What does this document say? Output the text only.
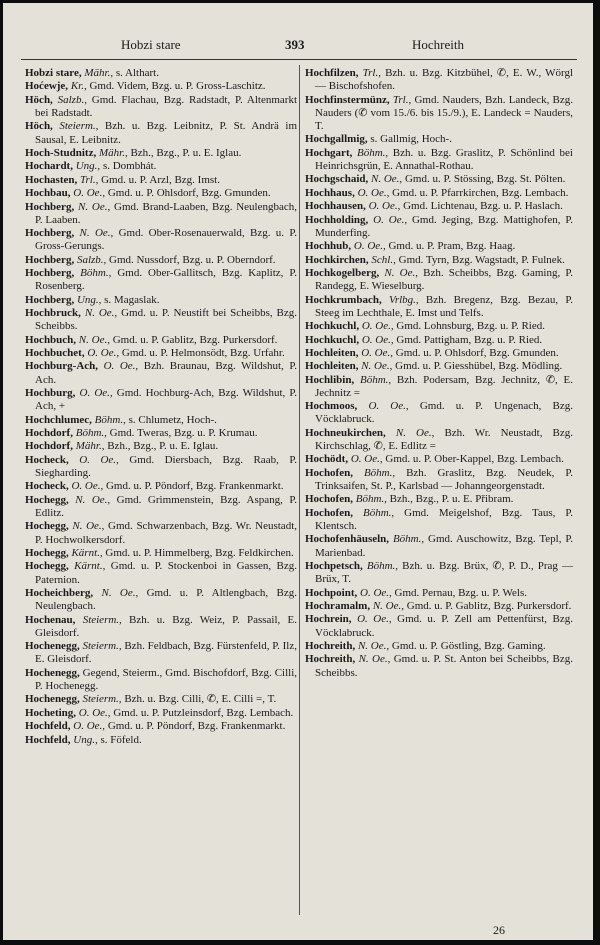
Hobzi stare	393	Hochreith
Hobzi stare, Mähr., s. Althart.
Hoćewje, Kr., Gmd. Videm, Bzg. u. P. Gross-Laschitz.
Höch, Salzb., Gmd. Flachau, Bzg. Radstadt, P. Altenmarkt bei Radstadt.
Höch, Steierm., Bzh. u. Bzg. Leibnitz, P. St. Andrä im Sausal, E. Leibnitz.
Hoch-Studnitz, Mähr., Bzh., Bzg., P. u. E. Iglau.
Hochardt, Ung., s. Dombhát.
Hochasten, Trl., Gmd. u. P. Arzl, Bzg. Imst.
Hochbau, O. Oe., Gmd. u. P. Ohlsdorf, Bzg. Gmunden.
Hochberg, N. Oe., Gmd. Brand-Laaben, Bzg. Neulengbach, P. Laaben.
Hochberg, N. Oe., Gmd. Ober-Rosenauerwald, Bzg. u. P. Gross-Gerungs.
Hochberg, Salzb., Gmd. Nussdorf, Bzg. u. P. Oberndorf.
Hochberg, Böhm., Gmd. Ober-Gallitsch, Bzg. Kaplitz, P. Rosenberg.
Hochberg, Ung., s. Magaslak.
Hochbruck, N. Oe., Gmd. u. P. Neustift bei Scheibbs, Bzg. Scheibbs.
Hochbuch, N. Oe., Gmd. u. P. Gablitz, Bzg. Purkersdorf.
Hochbuchet, O. Oe., Gmd. u. P. Helmonsödt, Bzg. Urfahr.
Hochburg-Ach, O. Oe., Bzh. Braunau, Bzg. Wildshut, P. Ach.
Hochburg, O. Oe., Gmd. Hochburg-Ach, Bzg. Wildshut, P. Ach, +
Hochchlumec, Böhm., s. Chlumetz, Hoch-.
Hochdorf, Böhm., Gmd. Tweras, Bzg. u. P. Krumau.
Hochdorf, Mähr., Bzh., Bzg., P. u. E. Iglau.
Hocheck, O. Oe., Gmd. Diersbach, Bzg. Raab, P. Siegharding.
Hocheck, O. Oe., Gmd. u. P. Pöndorf, Bzg. Frankenmarkt.
Hochegg, N. Oe., Gmd. Grimmenstein, Bzg. Aspang, P. Edlitz.
Hochegg, N. Oe., Gmd. Schwarzenbach, Bzg. Wr. Neustadt, P. Hochwolkersdorf.
Hochegg, Kärnt., Gmd. u. P. Himmelberg, Bzg. Feldkirchen.
Hochegg, Kärnt., Gmd. u. P. Stockenboi in Gassen, Bzg. Paternion.
Hocheichberg, N. Oe., Gmd. u. P. Altlengbach, Bzg. Neulengbach.
Hochenau, Steierm., Bzh. u. Bzg. Weiz, P. Passail, E. Gleisdorf.
Hochenegg, Steierm., Bzh. Feldbach, Bzg. Fürstenfeld, P. Ilz, E. Gleisdorf.
Hochenegg, Gegend, Steierm., Gmd. Bischofdorf, Bzg. Cilli, P. Hochenegg.
Hochenegg, Steierm., Bzh. u. Bzg. Cilli, ✆, E. Cilli =, T.
Hocheting, O. Oe., Gmd. u. P. Putzleinsdorf, Bzg. Lembach.
Hochfeld, O. Oe., Gmd. u. P. Pöndorf, Bzg. Frankenmarkt.
Hochfeld, Ung., s. Föfeld.
Hochfilzen, Trl., Bzh. u. Bzg. Kitzbühel, ✆, E. W., Wörgl — Bischofshofen.
Hochfinstermünz, Trl., Gmd. Nauders, Bzh. Landeck, Bzg. Nauders (✆ vom 15./6. bis 15./9.), E. Landeck = Nauders, T.
Hochgallmig, s. Gallmig, Hoch-.
Hochgart, Böhm., Bzh. u. Bzg. Graslitz, P. Schönlind bei Heinrichsgrün, E. Annathal-Rothau.
Hochgschaid, N. Oe., Gmd. u. P. Stössing, Bzg. St. Pölten.
Hochhaus, O. Oe., Gmd. u. P. Pfarrkirchen, Bzg. Lembach.
Hochhausen, O. Oe., Gmd. Lichtenau, Bzg. u. P. Haslach.
Hochholding, O. Oe., Gmd. Jeging, Bzg. Mattighofen, P. Munderfing.
Hochhub, O. Oe., Gmd. u. P. Pram, Bzg. Haag.
Hochkirchen, Schl., Gmd. Tyrn, Bzg. Wagstadt, P. Fulnek.
Hochkogelberg, N. Oe., Bzh. Scheibbs, Bzg. Gaming, P. Randegg, E. Wieselburg.
Hochkrumbach, Vrlbg., Bzh. Bregenz, Bzg. Bezau, P. Steeg im Lechthale, E. Imst und Telfs.
Hochkuchl, O. Oe., Gmd. Lohnsburg, Bzg. u. P. Ried.
Hochkuchl, O. Oe., Gmd. Pattigham, Bzg. u. P. Ried.
Hochleiten, O. Oe., Gmd. u. P. Ohlsdorf, Bzg. Gmunden.
Hochleiten, N. Oe., Gmd. u. P. Giesshübel, Bzg. Mödling.
Hochlibin, Böhm., Bzh. Podersam, Bzg. Jechnitz, ✆, E. Jechnitz =
Hochmoos, O. Oe., Gmd. u. P. Ungenach, Bzg. Vöcklabruck.
Hochneukirchen, N. Oe., Bzh. Wr. Neustadt, Bzg. Kirchschlag, ✆, E. Edlitz =
Hochödt, O. Oe., Gmd. u. P. Ober-Kappel, Bzg. Lembach.
Hochofen, Böhm., Bzh. Graslitz, Bzg. Neudek, P. Trinksaifen, St. P., Karlsbad — Johanngeorgenstadt.
Hochofen, Böhm., Bzh., Bzg., P. u. E. Přibram.
Hochofen, Böhm., Gmd. Meigelshof, Bzg. Taus, P. Klentsch.
Hochofenhäuseln, Böhm., Gmd. Auschowitz, Bzg. Tepl, P. Marienbad.
Hochpetsch, Böhm., Bzh. u. Bzg. Brüx, ✆, P. D., Prag — Brüx, T.
Hochpoint, O. Oe., Gmd. Pernau, Bzg. u. P. Wels.
Hochramalm, N. Oe., Gmd. u. P. Gablitz, Bzg. Purkersdorf.
Hochrein, O. Oe., Gmd. u. P. Zell am Pettenfürst, Bzg. Vöcklabruck.
Hochreith, N. Oe., Gmd. u. P. Göstling, Bzg. Gaming.
Hochreith, N. Oe., Gmd. u. P. St. Anton bei Scheibbs, Bzg. Scheibbs.
26
